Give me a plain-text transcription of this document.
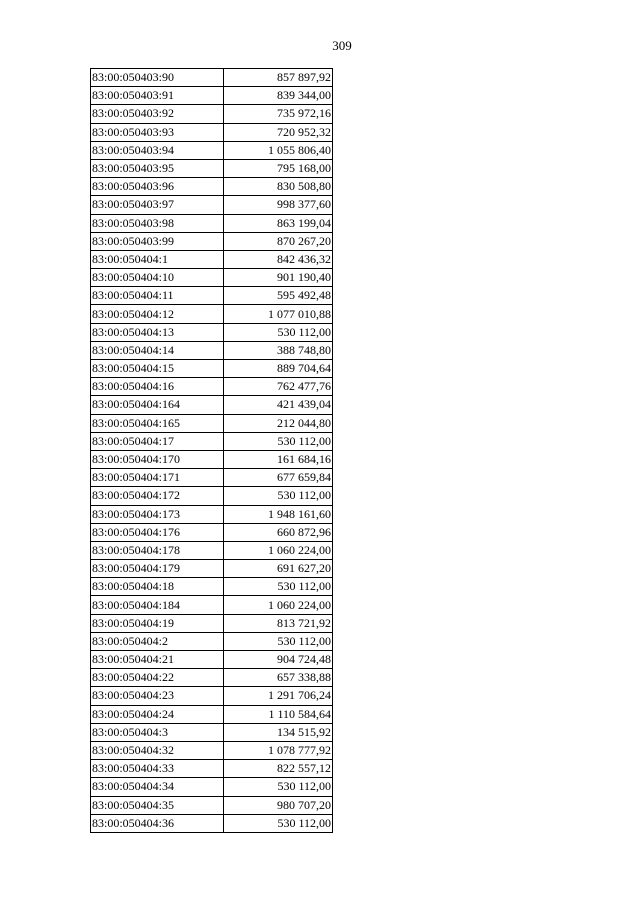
309
83:00:050403:90	857 897,92
83:00:050403:91	839 344,00
83:00:050403:92	735 972,16
83:00:050403:93	720 952,32
83:00:050403:94	1 055 806,40
83:00:050403:95	795 168,00
83:00:050403:96	830 508,80
83:00:050403:97	998 377,60
83:00:050403:98	863 199,04
83:00:050403:99	870 267,20
83:00:050404:1	842 436,32
83:00:050404:10	901 190,40
83:00:050404:11	595 492,48
83:00:050404:12	1 077 010,88
83:00:050404:13	530 112,00
83:00:050404:14	388 748,80
83:00:050404:15	889 704,64
83:00:050404:16	762 477,76
83:00:050404:164	421 439,04
83:00:050404:165	212 044,80
83:00:050404:17	530 112,00
83:00:050404:170	161 684,16
83:00:050404:171	677 659,84
83:00:050404:172	530 112,00
83:00:050404:173	1 948 161,60
83:00:050404:176	660 872,96
83:00:050404:178	1 060 224,00
83:00:050404:179	691 627,20
83:00:050404:18	530 112,00
83:00:050404:184	1 060 224,00
83:00:050404:19	813 721,92
83:00:050404:2	530 112,00
83:00:050404:21	904 724,48
83:00:050404:22	657 338,88
83:00:050404:23	1 291 706,24
83:00:050404:24	1 110 584,64
83:00:050404:3	134 515,92
83:00:050404:32	1 078 777,92
83:00:050404:33	822 557,12
83:00:050404:34	530 112,00
83:00:050404:35	980 707,20
83:00:050404:36	530 112,00
